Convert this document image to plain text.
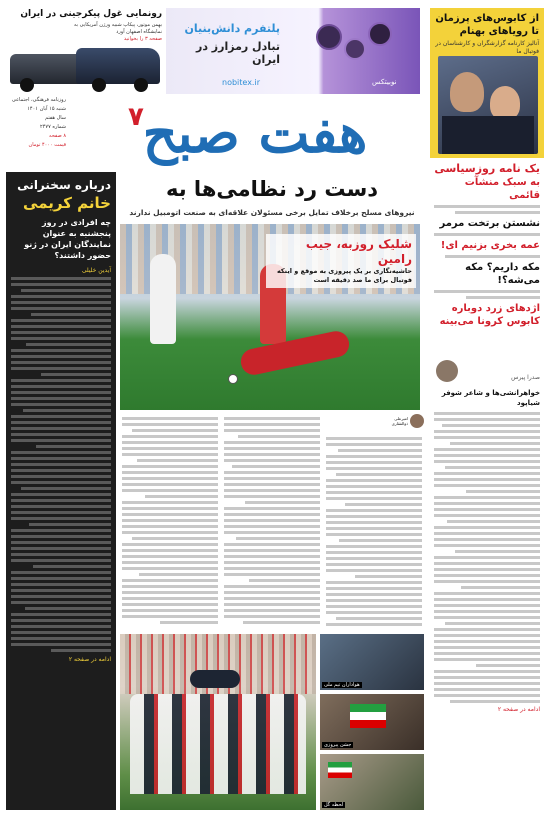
از کابوس‌های پرزمان تا رویاهای بهنام
آنالیز کارنامه گزارشگران و کارشناسان در فوتبال ما
یک نامه روزسیاسی
به سبک منشآت قائمی
نشستن برتخت مرمر
عمه بخری بزنیم ای!
مکه داریم؟ مکه می‌شه؟!
اژدهای زرد دوباره کابوس کرونا می‌بینه
صدرا پیرس
خواهرانشی‌ها و شاعر شوفر شیاپود
ادامه در صفحه ۲
پلتفرم دانش‌بنیان
تبادل رمزارز در ایران
nobitex.ir	نوبیتکس
رونمایی غول پیکرجینی در ایران
بهمن موتور، پیکاپ شبیه ورژن آمریکایی به نمایشگاه اصفهان آورد
صفحه ۳ را بخوانید
روزنامه فرهنگی، اجتماعی
شنبه ۱۵ آبان ۱۴۰۱
سال هفتم
شماره ۲۴۷۷
۸ صفحه
قیمت ۴۰۰۰ تومان	هفت صبح
۷
دست رد نظامی‌ها به
نیروهای مسلح برخلاف تمایل برخی مسئولان علاقه‌ای به صنعت اتومبیل ندارند
درباره سخنرانی
خانم کریمی
چه افرادی در روز پنجشنبه به عنوان نمایندگان ایران در ژنو حضور داشتند؟
آیدین خلیلی
ادامه در صفحه ۲
شلیک روزبه، جیب رامین
حاشیه‌نگاری بر یک پیروزی به موقع و اینکه فوتبال برای ما صد دقیقه است
امیرعلی ذوالفقاری
هواداران تیم ملی
جشن پیروزی
لحظه گل
